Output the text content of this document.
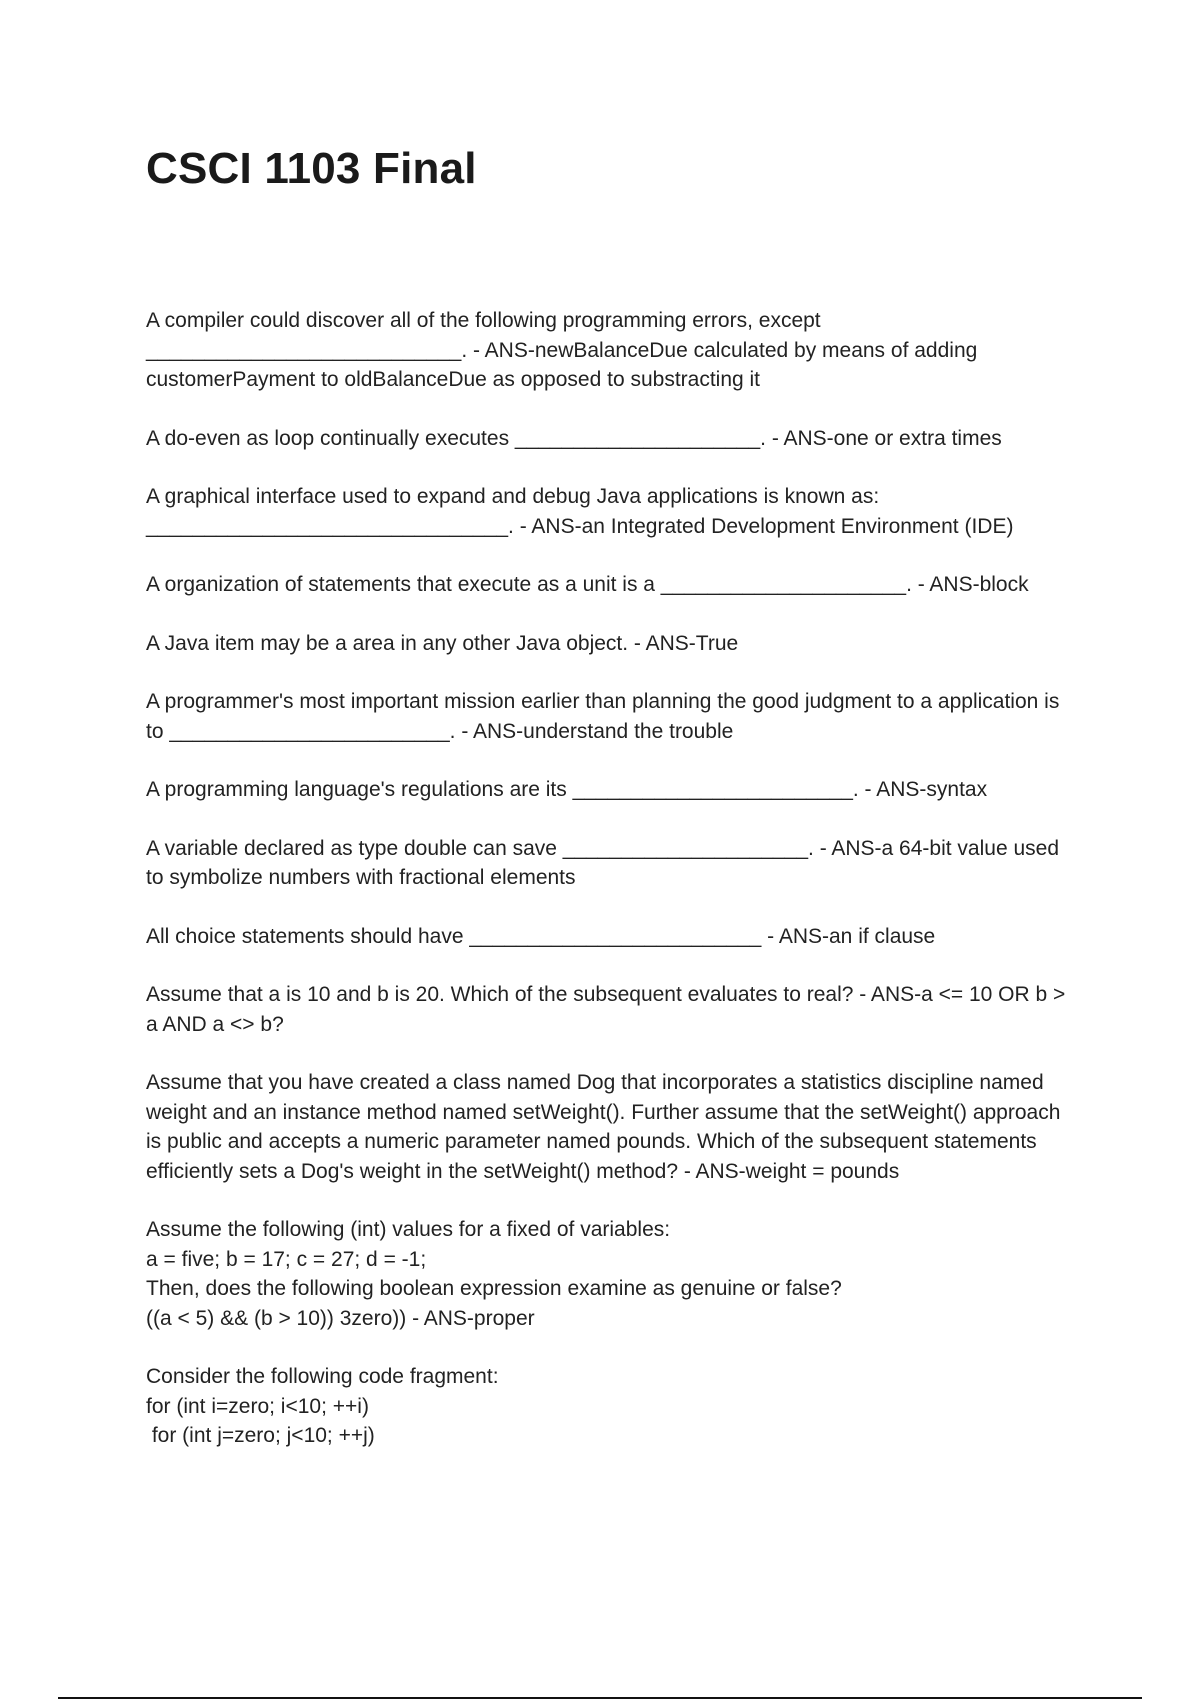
CSCI 1103 Final

A compiler could discover all of the following programming errors, except
___________________________. - ANS-newBalanceDue calculated by means of adding customerPayment to oldBalanceDue as opposed to substracting it

A do-even as loop continually executes _____________________. - ANS-one or extra times

A graphical interface used to expand and debug Java applications is known as:
_______________________________. - ANS-an Integrated Development Environment (IDE)

A organization of statements that execute as a unit is a _____________________. - ANS-block

A Java item may be a area in any other Java object. - ANS-True

A programmer's most important mission earlier than planning the good judgment to a application is to ________________________. - ANS-understand the trouble

A programming language's regulations are its ________________________. - ANS-syntax

A variable declared as type double can save _____________________. - ANS-a 64-bit value used to symbolize numbers with fractional elements

All choice statements should have _________________________ - ANS-an if clause

Assume that a is 10 and b is 20. Which of the subsequent evaluates to real? - ANS-a <= 10 OR b > a AND a <> b?

Assume that you have created a class named Dog that incorporates a statistics discipline named weight and an instance method named setWeight(). Further assume that the setWeight() approach is public and accepts a numeric parameter named pounds. Which of the subsequent statements efficiently sets a Dog's weight in the setWeight() method? - ANS-weight = pounds

Assume the following (int) values for a fixed of variables:
a = five; b = 17; c = 27; d = -1;
Then, does the following boolean expression examine as genuine or false?
((a < 5) && (b > 10)) 3zero)) - ANS-proper

Consider the following code fragment:
for (int i=zero; i<10; ++i)
for (int j=zero; j<10; ++j)
